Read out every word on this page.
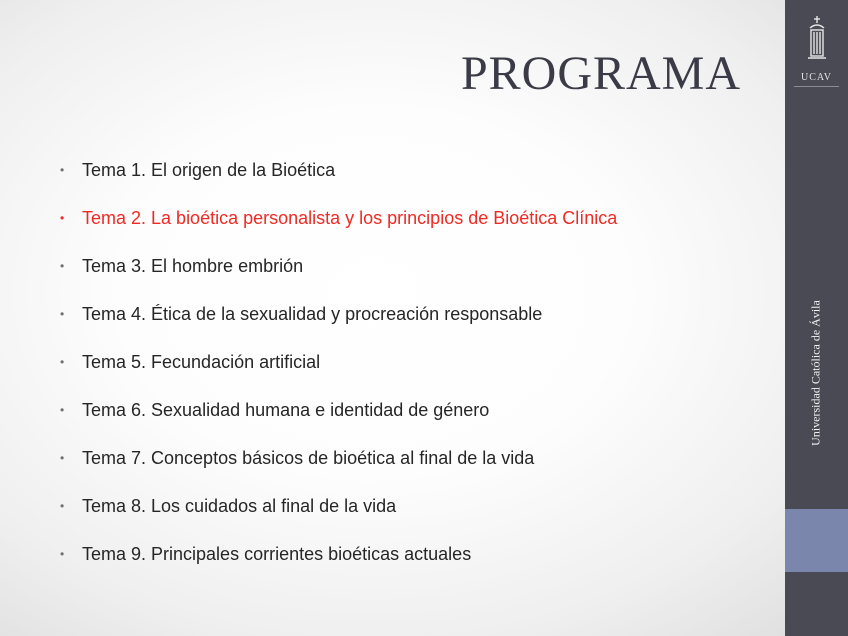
PROGRAMA
• Tema 1. El origen de la Bioética
• Tema 2. La bioética personalista y los principios de Bioética Clínica
• Tema 3. El hombre embrión
• Tema 4. Ética de la sexualidad y procreación responsable
• Tema 5. Fecundación artificial
• Tema 6. Sexualidad humana e identidad de género
• Tema 7. Conceptos básicos de bioética al final de la vida
• Tema 8. Los cuidados al final de la vida
• Tema 9. Principales corrientes bioéticas actuales
UCAV
Universidad Católica de Ávila
